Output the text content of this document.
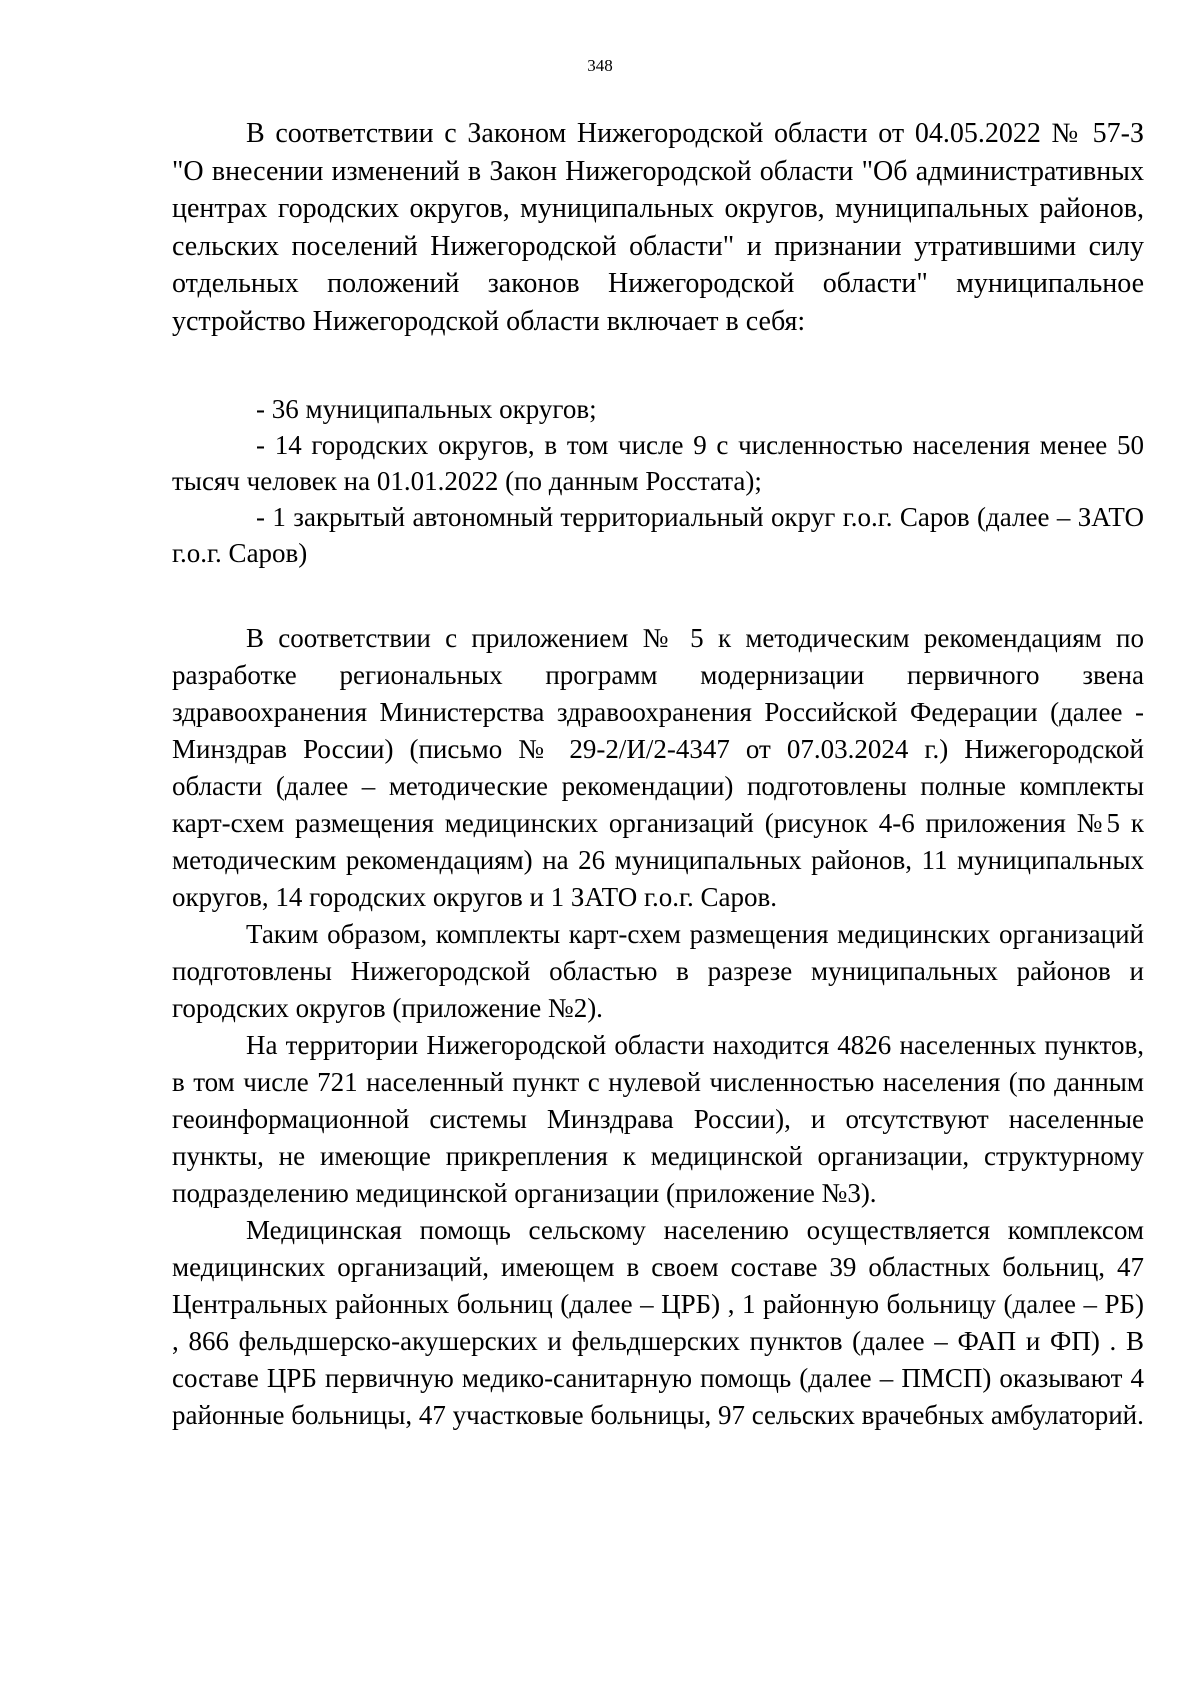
348

В соответствии с Законом Нижегородской области от 04.05.2022 № 57-З "О внесении изменений в Закон Нижегородской области "Об административных центрах городских округов, муниципальных округов, муниципальных районов, сельских поселений Нижегородской области" и признании утратившими силу отдельных положений законов Нижегородской области" муниципальное устройство Нижегородской области включает в себя:

- 36 муниципальных округов;

- 14 городских округов, в том числе 9 с численностью населения менее 50 тысяч человек на 01.01.2022 (по данным Росстата);

- 1 закрытый автономный территориальный округ г.о.г. Саров (далее – ЗАТО г.о.г. Саров)

В соответствии с приложением № 5 к методическим рекомендациям по разработке региональных программ модернизации первичного звена здравоохранения Министерства здравоохранения Российской Федерации (далее - Минздрав России) (письмо № 29-2/И/2-4347 от 07.03.2024 г.) Нижегородской области (далее – методические рекомендации) подготовлены полные комплекты карт-схем размещения медицинских организаций (рисунок 4-6 приложения №5 к методическим рекомендациям) на 26 муниципальных районов, 11 муниципальных округов, 14 городских округов и 1 ЗАТО г.о.г. Саров.

Таким образом, комплекты карт-схем размещения медицинских организаций подготовлены Нижегородской областью в разрезе муниципальных районов и городских округов (приложение №2).

На территории Нижегородской области находится 4826 населенных пунктов, в том числе 721 населенный пункт с нулевой численностью населения (по данным геоинформационной системы Минздрава России), и отсутствуют населенные пункты, не имеющие прикрепления к медицинской организации, структурному подразделению медицинской организации (приложение №3).

Медицинская помощь сельскому населению осуществляется комплексом медицинских организаций, имеющем в своем составе 39 областных больниц, 47 Центральных районных больниц (далее – ЦРБ) , 1 районную больницу (далее – РБ) , 866 фельдшерско-акушерских и фельдшерских пунктов (далее – ФАП и ФП) . В составе ЦРБ первичную медико-санитарную помощь (далее – ПМСП) оказывают 4 районные больницы, 47 участковые больницы, 97 сельских врачебных амбулаторий.
